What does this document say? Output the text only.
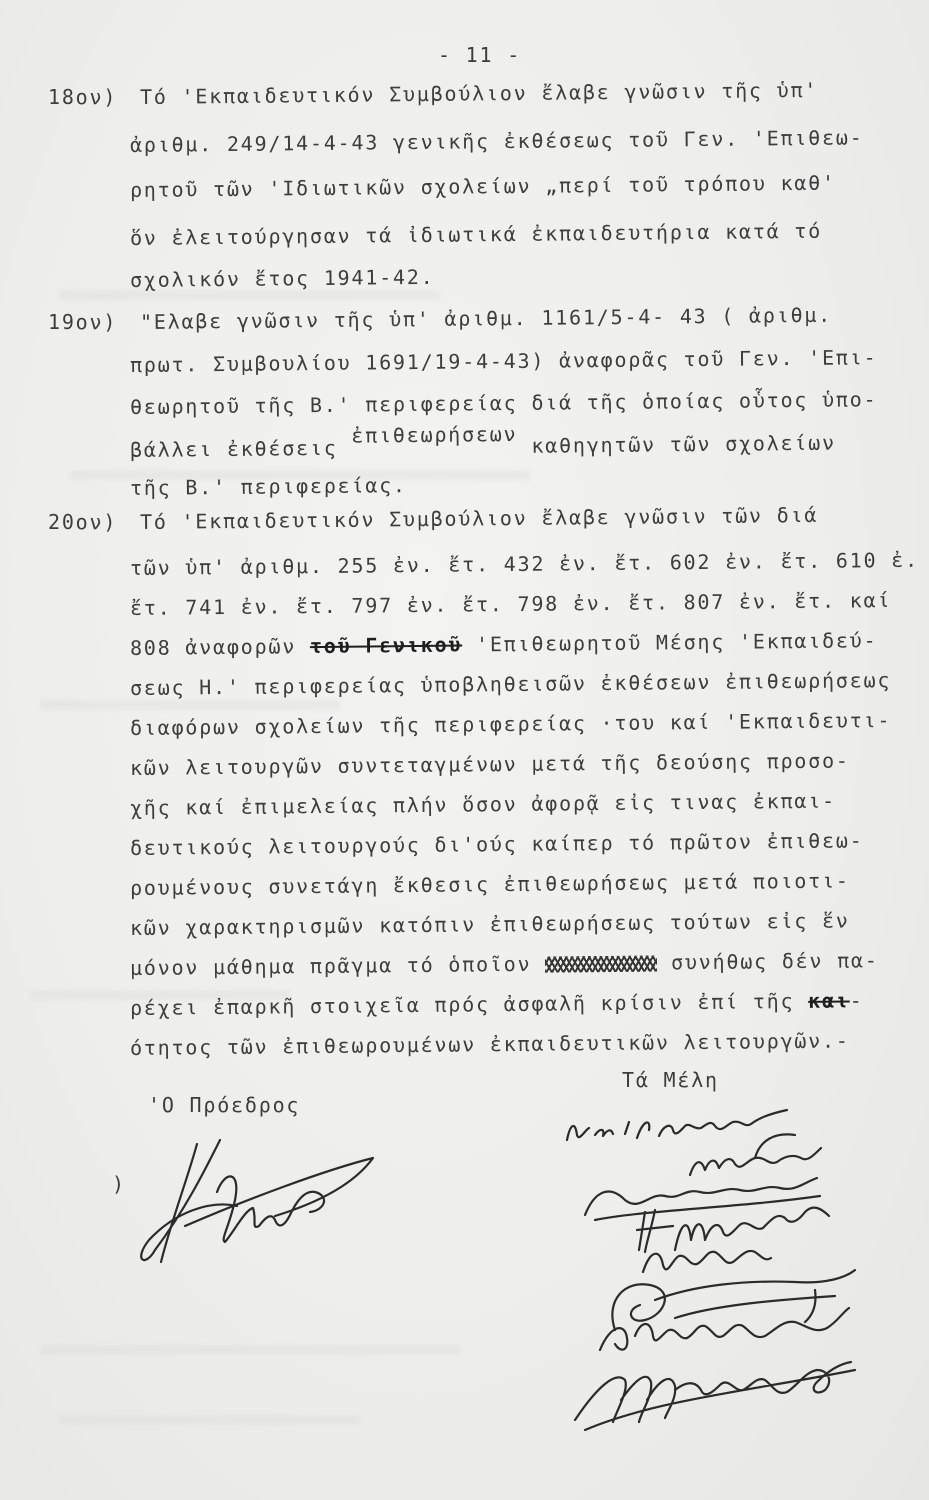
- 11 -
18ον) Τό 'Εκπαιδευτικόν Συμβούλιον ἔλαβε γνῶσιν τῆς ὑπ'
ἀριθμ. 249/14-4-43 γενικῆς ἐκθέσεως τοῦ Γεν. 'Επιθεω-
ρητοῦ τῶν 'Ιδιωτικῶν σχολείων „περί τοῦ τρόπου καθ'
ὅν ἐλειτούργησαν τά ἰδιωτικά ἐκπαιδευτήρια κατά τό
σχολικόν ἔτος 1941-42.
19ον) "Ελαβε γνῶσιν τῆς ὑπ' ἀριθμ. 1161/5-4- 43 ( ἀριθμ.
πρωτ. Συμβουλίου 1691/19-4-43) ἀναφορᾶς τοῦ Γεν. 'Επι-
θεωρητοῦ τῆς Β.' περιφερείας διά τῆς ὁποίας οὗτος ὑπο-
βάλλει ἐκθέσεις ἐπιθεωρήσεων καθηγητῶν τῶν σχολείων
τῆς Β.' περιφερείας.
20ον) Τό 'Εκπαιδευτικόν Συμβούλιον ἔλαβε γνῶσιν τῶν διά
τῶν ὑπ' ἀριθμ. 255 ἐν. ἔτ. 432 ἐν. ἔτ. 602 ἐν. ἔτ. 610 ἐ.
ἔτ. 741 ἐν. ἔτ. 797 ἐν. ἔτ. 798 ἐν. ἔτ. 807 ἐν. ἔτ. καί
808 ἀναφορῶν τοῦ Γενικοῦ 'Επιθεωρητοῦ Μέσης 'Εκπαιδεύ-
σεως Η.' περιφερείας ὑποβληθεισῶν ἐκθέσεων ἐπιθεωρήσεως
διαφόρων σχολείων τῆς περιφερείας ·του καί 'Εκπαιδευτι-
κῶν λειτουργῶν συντεταγμένων μετά τῆς δεούσης προσο-
χῆς καί ἐπιμελείας πλήν ὅσον ἀφορᾷ εἰς τινας ἐκπαι-
δευτικούς λειτουργούς δι'ούς καίπερ τό πρῶτον ἐπιθεω-
ρουμένους συνετάγη ἔκθεσις ἐπιθεωρήσεως μετά ποιοτι-
κῶν χαρακτηρισμῶν κατόπιν ἐπιθεωρήσεως τούτων εἰς ἕν
μόνον μάθημα πρᾶγμα τό ὁποῖον	συνήθως δέν πα-
ρέχει ἐπαρκῆ στοιχεῖα πρός ἀσφαλῆ κρίσιν ἐπί τῆς και-
ότητος τῶν ἐπιθεωρουμένων ἐκπαιδευτικῶν λειτουργῶν.-
Τά Μέλη
'Ο Πρόεδρος
)
